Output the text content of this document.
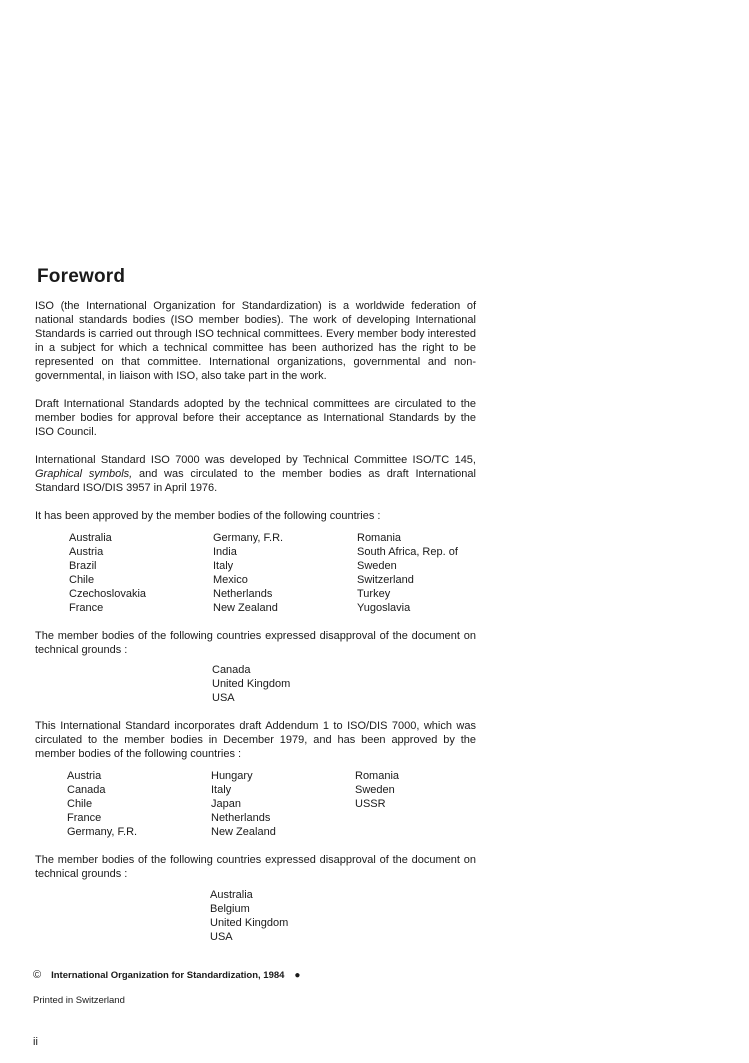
Foreword

ISO (the International Organization for Standardization) is a worldwide federation of national standards bodies (ISO member bodies). The work of developing International Standards is carried out through ISO technical committees. Every member body interested in a subject for which a technical committee has been authorized has the right to be represented on that committee. International organizations, governmental and non-governmental, in liaison with ISO, also take part in the work.

Draft International Standards adopted by the technical committees are circulated to the member bodies for approval before their acceptance as International Standards by the ISO Council.

International Standard ISO 7000 was developed by Technical Committee ISO/TC 145, Graphical symbols, and was circulated to the member bodies as draft International Standard ISO/DIS 3957 in April 1976.

It has been approved by the member bodies of the following countries :

Australia
Austria
Brazil
Chile
Czechoslovakia
France
Germany, F.R.
India
Italy
Mexico
Netherlands
New Zealand
Romania
South Africa, Rep. of
Sweden
Switzerland
Turkey
Yugoslavia

The member bodies of the following countries expressed disapproval of the document on technical grounds :

Canada
United Kingdom
USA

This International Standard incorporates draft Addendum 1 to ISO/DIS 7000, which was circulated to the member bodies in December 1979, and has been approved by the member bodies of the following countries :

Austria
Canada
Chile
France
Germany, F.R.
Hungary
Italy
Japan
Netherlands
New Zealand
Romania
Sweden
USSR

The member bodies of the following countries expressed disapproval of the document on technical grounds :

Australia
Belgium
United Kingdom
USA
© International Organization for Standardization, 1984 ●
Printed in Switzerland
ii
